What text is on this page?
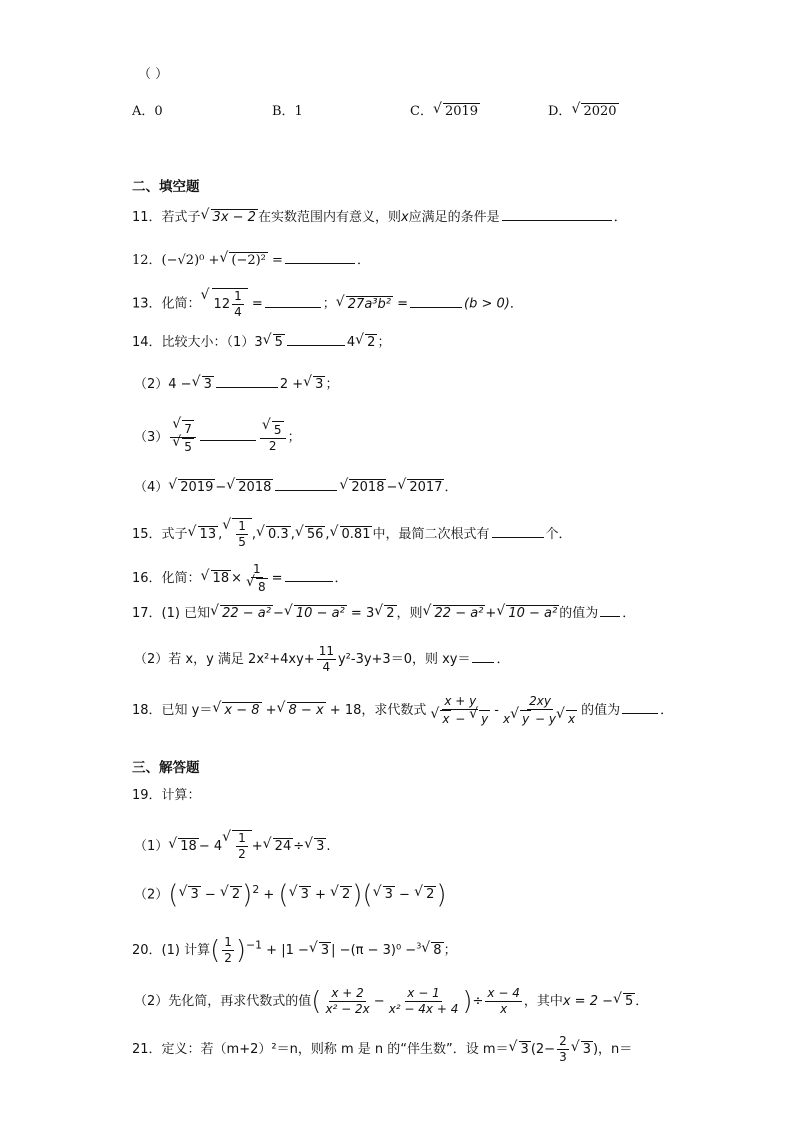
（ ）
A．0	B．1	C． √ 2019	D． √ 2020
二、填空题
11．若式子 √ 3x − 2 在实数范围内有意义，则x应满足的条件是	．
12．(−√2)⁰ + √ (−2)² =	．
13．化简： √ $12 \frac{1}{4}$ =	； √ 27a³b² =	(b > 0)．
14．比较大小：（1）3 √ 5	4 √ 2 ；
（2）4 − √ 3	2 + √ 3 ；
（3） √ 7
√ 5	√ $\frac{5}{2}$ ；
（4） √ 2019 − √ 2018	√ 2018 − √ 2017 ．
15．式子 √ 13 , √ $\frac{1}{5}$ , √ 0.3 , √ 56 , √ 0.81 中，最简二次根式有	个．
16．化简： √ 18 × 1
√ 8 =	．
17．(1) 已知 √ 22 − a² − √ 10 − a² = 3 √ 2 ，则 √ 22 − a² + √ 10 − a² 的值为 ．
（2）若 x，y 满足 $2x^2+4xy+ \frac{11}{4} y^2-3y+3=0$，则 xy＝ ．
18．已知 y＝ √ x − 8 + √ 8 − x + 18，求代数式 x + y
√ x − √ y - $\frac{2xy}{x √ y - y √ x}$ 的值为	．
三、解答题
19．计算：
（1） √ 18 − 4 √ $\frac{1}{2}$ + √ 24 ÷ √ 3 .
（2）( √ 3 − √ 2)$^2$ + ( √ 3 + √ 2)( √ 3 − √ 2)
20．(1) 计算( $\frac{1}{2} )^{-1} + |1$ − √ 3 | −(π − 3)⁰ −$^3$ √ 8 ；
（2）先化简，再求代数式的值( $\frac{x + 2}{\text{x² − 2x}} - \frac{x - 1}{\text{x² − 4x + 4}}$ )÷ $\frac{x - 4}{x}$ ，其中x = 2 − √ 5 ．
21．定义：若（m+2）²＝n，则称 m 是 n 的“伴生数”．设 m＝ √ 3 ($2- \frac{2}{3}$ √ 3 )，n＝
